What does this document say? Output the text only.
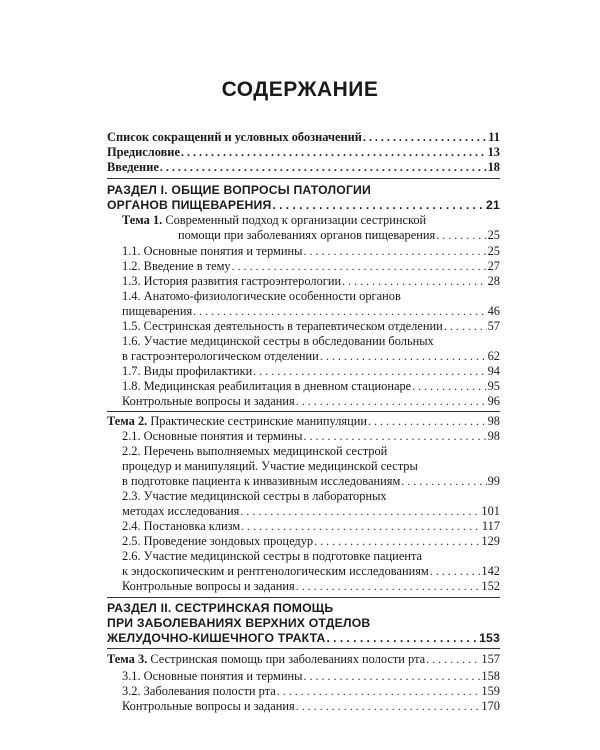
СОДЕРЖАНИЕ
Список сокращений и условных обозначений . . .	11
Предисловие . . .	13
Введение . . .	18
РАЗДЕЛ I. ОБЩИЕ ВОПРОСЫ ПАТОЛОГИИ
ОРГАНОВ ПИЩЕВАРЕНИЯ . . .	21
Тема 1. Современный подход к организации сестринской
помощи при заболеваниях органов пищеварения . . .	25
1.1. Основные понятия и термины . . .	25
1.2. Введение в тему . . .	27
1.3. История развития гастроэнтерологии . . .	28
1.4. Анатомо-физиологические особенности органов
пищеварения . . .	46
1.5. Сестринская деятельность в терапевтическом отделении . . .	57
1.6. Участие медицинской сестры в обследовании больных
в гастроэнтерологическом отделении . . .	62
1.7. Виды профилактики . . .	94
1.8. Медицинская реабилитация в дневном стационаре . . .	95
Контрольные вопросы и задания . . .	96
Тема 2. Практические сестринские манипуляции . . .	98
2.1. Основные понятия и термины . . .	98
2.2. Перечень выполняемых медицинской сестрой
процедур и манипуляций. Участие медицинской сестры
в подготовке пациента к инвазивным исследованиям . . .	99
2.3. Участие медицинской сестры в лабораторных
методах исследования . . .	101
2.4. Постановка клизм . . .	117
2.5. Проведение зондовых процедур . . .	129
2.6. Участие медицинской сестры в подготовке пациента
к эндоскопическим и рентгенологическим исследованиям . . .	142
Контрольные вопросы и задания . . .	152
РАЗДЕЛ II. СЕСТРИНСКАЯ ПОМОЩЬ
ПРИ ЗАБОЛЕВАНИЯХ ВЕРХНИХ ОТДЕЛОВ
ЖЕЛУДОЧНО-КИШЕЧНОГО ТРАКТА . . .	153
Тема 3. Сестринская помощь при заболеваниях полости рта . . .	157
3.1. Основные понятия и термины . . .	158
3.2. Заболевания полости рта . . .	159
Контрольные вопросы и задания . . .	170
